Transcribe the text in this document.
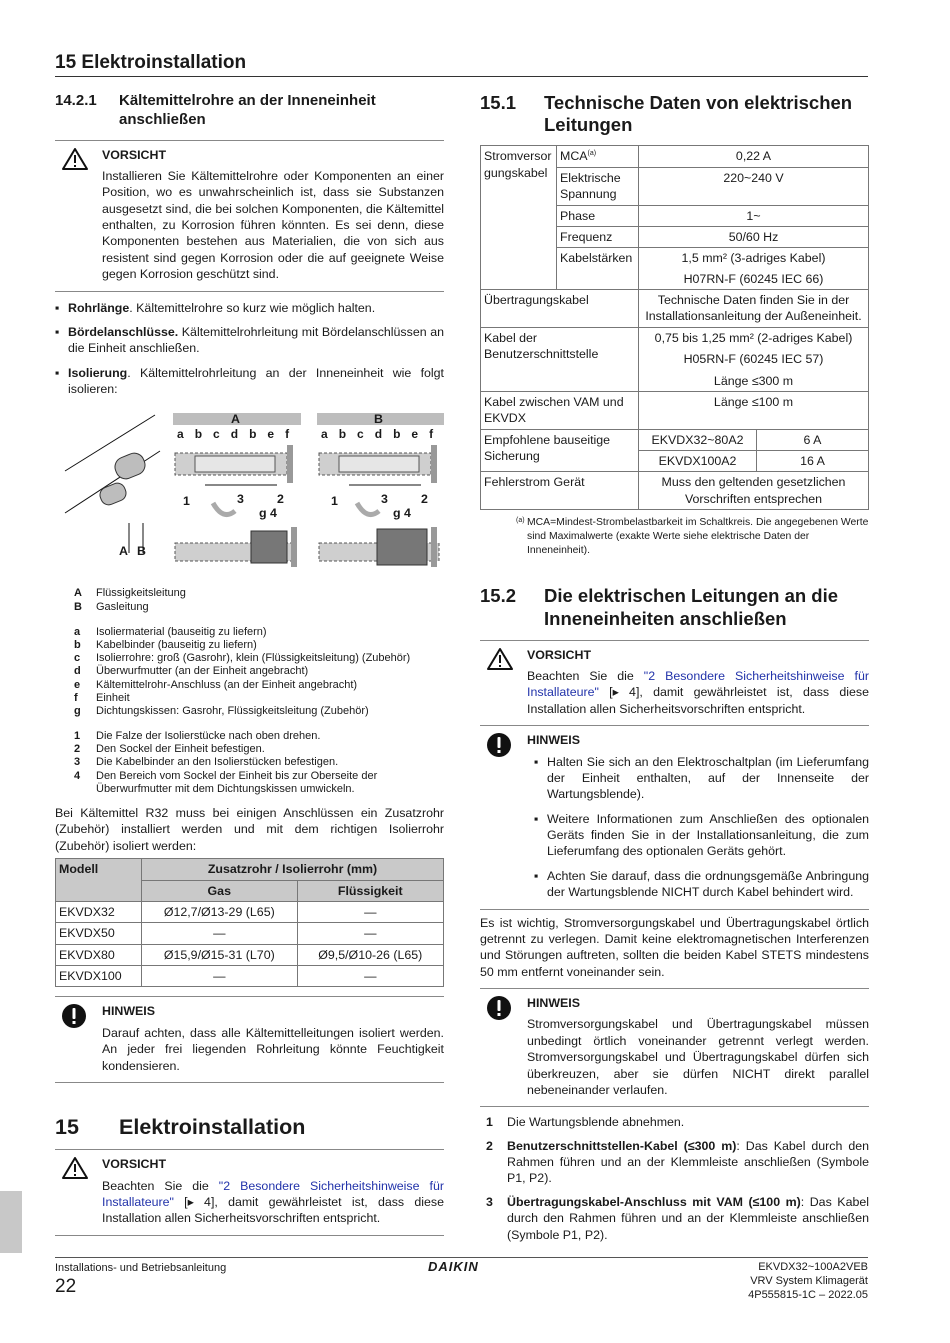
15 Elektroinstallation
14.2.1	Kältemittelrohre an der Inneneinheit anschließen
VORSICHT
Installieren Sie Kältemittelrohre oder Komponenten an einer Position, wo es unwahrscheinlich ist, dass sie Substanzen ausgesetzt sind, die bei solchen Komponenten, die Kältemittel enthalten, zu Korrosion führen könnten. Es sei denn, diese Komponenten bestehen aus Materialien, die von sich aus resistent sind gegen Korrosion oder die auf geeignete Weise gegen Korrosion geschützt sind.
▪ Rohrlänge. Kältemittelrohre so kurz wie möglich halten.

▪ Bördelanschlüsse. Kältemittelrohrleitung mit Bördelanschlüssen an die Einheit anschließen.

▪ Isolierung. Kältemittelrohrleitung an der Inneneinheit wie folgt isolieren:

A	B
a b c d b e f	a b c d b e f
1	3	2
g 4
1	3	2
g 4
A B
A	Flüssigkeitsleitung
B	Gasleitung
a	Isoliermaterial (bauseitig zu liefern)
b	Kabelbinder (bauseitig zu liefern)
c	Isolierrohre: groß (Gasrohr), klein (Flüssigkeitsleitung) (Zubehör)
d	Überwurfmutter (an der Einheit angebracht)
e	Kältemittelrohr-Anschluss (an der Einheit angebracht)
f	Einheit
g	Dichtungskissen: Gasrohr, Flüssigkeitsleitung (Zubehör)
1	Die Falze der Isolierstücke nach oben drehen.
2	Den Sockel der Einheit befestigen.
3	Die Kabelbinder an den Isolierstücken befestigen.
4	Den Bereich vom Sockel der Einheit bis zur Oberseite der Überwurfmutter mit dem Dichtungskissen umwickeln.

Bei Kältemittel R32 muss bei einigen Anschlüssen ein Zusatzrohr (Zubehör) installiert werden und mit dem richtigen Isolierrohr (Zubehör) isoliert werden:

Modell	Zusatzrohr / Isolierrohr (mm)	
	Gas	Flüssigkeit
EKVDX32	Ø12,7/Ø13-29 (L65)	—
EKVDX50	—	—
EKVDX80	Ø15,9/Ø15-31 (L70)	Ø9,5/Ø10-26 (L65)
EKVDX100	—	—
HINWEIS
Darauf achten, dass alle Kältemittelleitungen isoliert werden. An jeder frei liegenden Rohrleitung könnte Feuchtigkeit kondensieren.
15	Elektroinstallation
VORSICHT
Beachten Sie die "2 Besondere Sicherheitshinweise für Installateure" [▸ 4], damit gewährleistet ist, dass diese Installation allen Sicherheitsvorschriften entspricht.
15.1	Technische Daten von elektrischen Leitungen
Stromversorgungskabel	MCA$^{(a)}$	0,22 A	
	Elektrische Spannung	220~240 V	
	Phase	1~	
	Frequenz	50/60 Hz	
	Kabelstärken	1,5 mm² (3-adriges Kabel)	
		H07RN-F (60245 IEC 66)	
Übertragungskabel		Technische Daten finden Sie in der Installationsanleitung der Außeneinheit.	
Kabel der Benutzerschnittstelle		0,75 bis 1,25 mm² (2-adriges Kabel)
H05RN-F (60245 IEC 57)
Länge ≤300 m	

Kabel zwischen VAM und EKVDX		Länge ≤100 m	
Empfohlene bauseitige Sicherung		EKVDX32~80A2	6 A
		EKVDX100A2	16 A
Fehlerstrom Gerät		Muss den geltenden gesetzlichen Vorschriften entsprechen	
(a) MCA=Mindest-Strombelastbarkeit im Schaltkreis. Die angegebenen Werte sind Maximalwerte (exakte Werte siehe elektrische Daten der Inneneinheit).
15.2	Die elektrischen Leitungen an die Inneneinheiten anschließen
VORSICHT
Beachten Sie die "2 Besondere Sicherheitshinweise für Installateure" [▸ 4], damit gewährleistet ist, dass diese Installation allen Sicherheitsvorschriften entspricht.
HINWEIS
▪ Halten Sie sich an den Elektroschaltplan (im Lieferumfang der Einheit enthalten, auf der Innenseite der Wartungsblende).

▪ Weitere Informationen zum Anschließen des optionalen Geräts finden Sie in der Installationsanleitung, die zum Lieferumfang des optionalen Geräts gehört.

▪ Achten Sie darauf, dass die ordnungsgemäße Anbringung der Wartungsblende NICHT durch Kabel behindert wird.

Es ist wichtig, Stromversorgungskabel und Übertragungskabel örtlich getrennt zu verlegen. Damit keine elektromagnetischen Interferenzen und Störungen auftreten, sollten die beiden Kabel STETS mindestens 50 mm entfernt voneinander sein.

HINWEIS
Stromversorgungskabel und Übertragungskabel müssen unbedingt örtlich voneinander getrennt verlegt werden. Stromversorgungskabel und Übertragungskabel dürfen sich überkreuzen, aber sie dürfen NICHT direkt parallel nebeneinander verlaufen.
1	Die Wartungsblende abnehmen.

2	Benutzerschnittstellen-Kabel (≤300 m): Das Kabel durch den Rahmen führen und an der Klemmleiste anschließen (Symbole P1, P2).

3	Übertragungskabel-Anschluss mit VAM (≤100 m): Das Kabel durch den Rahmen führen und an der Klemmleiste anschließen (Symbole P1, P2).

Installations- und Betriebsanleitung
22
DAIKIN	EKVDX32~100A2VEB
VRV System Klimagerät
4P555815-1C – 2022.05
